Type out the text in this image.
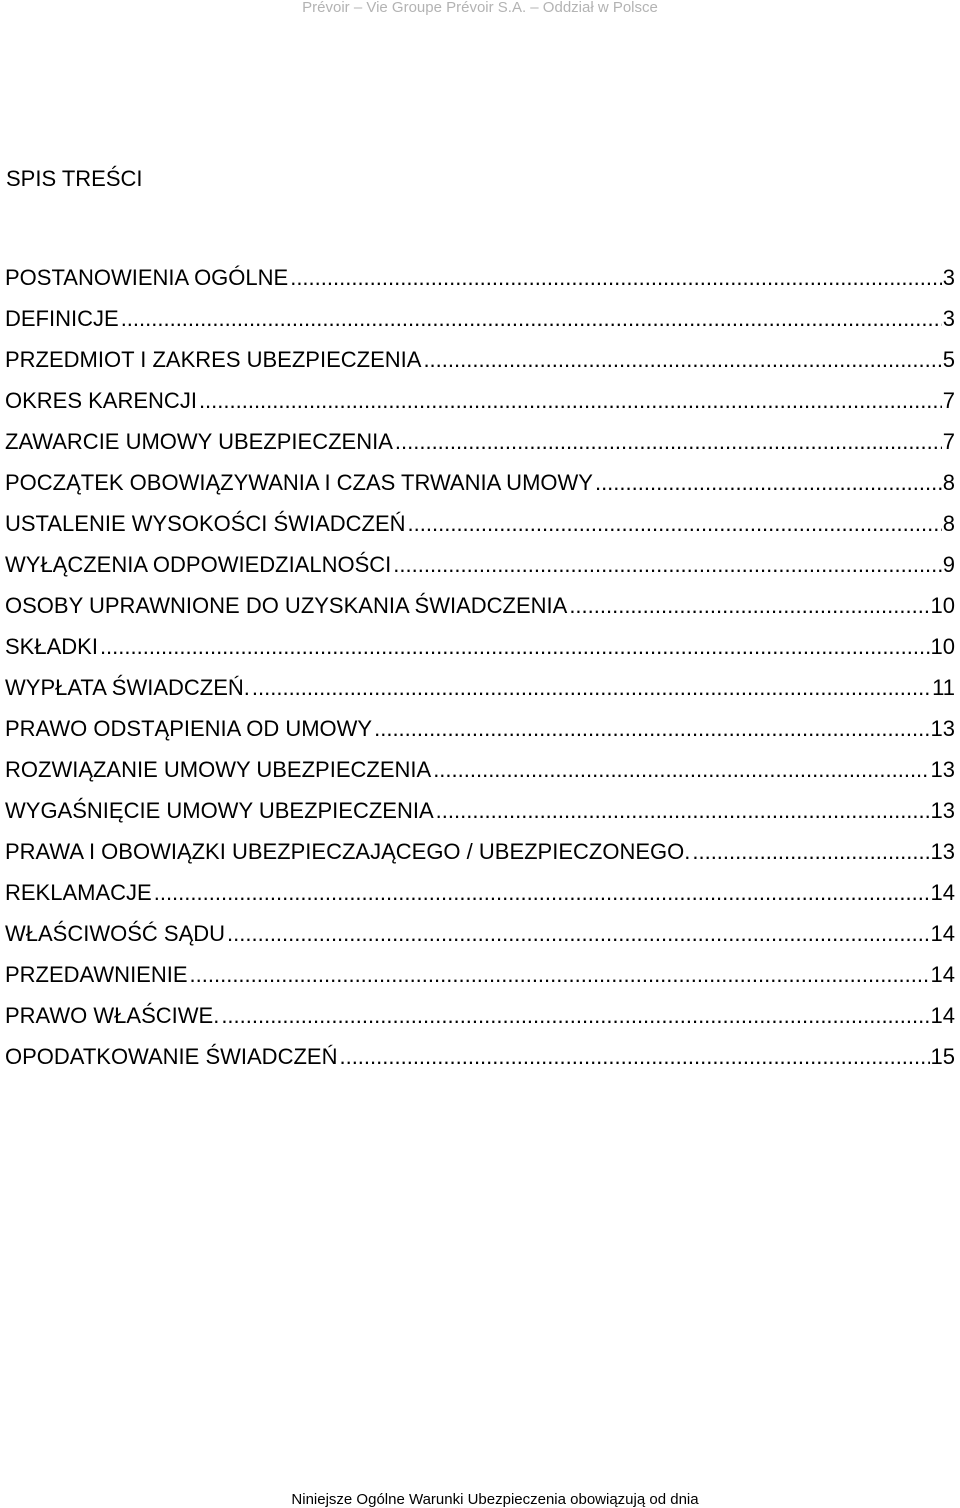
Prévoir – Vie Groupe Prévoir S.A. – Oddział w Polsce
SPIS TREŚCI
POSTANOWIENIA OGÓLNE .....	3
DEFINICJE .....	3
PRZEDMIOT I ZAKRES UBEZPIECZENIA .....	5
OKRES KARENCJI .....	7
ZAWARCIE UMOWY UBEZPIECZENIA .....	7
POCZĄTEK OBOWIĄZYWANIA I CZAS TRWANIA UMOWY .....	8
USTALENIE WYSOKOŚCI ŚWIADCZEŃ .....	8
WYŁĄCZENIA ODPOWIEDZIALNOŚCI .....	9
OSOBY UPRAWNIONE DO UZYSKANIA ŚWIADCZENIA .....	10
SKŁADKI .....	10
WYPŁATA ŚWIADCZEŃ. .....	11
PRAWO ODSTĄPIENIA OD UMOWY .....	13
ROZWIĄZANIE UMOWY UBEZPIECZENIA .....	13
WYGAŚNIĘCIE UMOWY UBEZPIECZENIA .....	13
PRAWA I OBOWIĄZKI UBEZPIECZAJĄCEGO / UBEZPIECZONEGO. .....	13
REKLAMACJE .....	14
WŁAŚCIWOŚĆ SĄDU .....	14
PRZEDAWNIENIE .....	14
PRAWO WŁAŚCIWE. .....	14
OPODATKOWANIE ŚWIADCZEŃ .....	15
Niniejsze Ogólne Warunki Ubezpieczenia obowiązują od dnia
